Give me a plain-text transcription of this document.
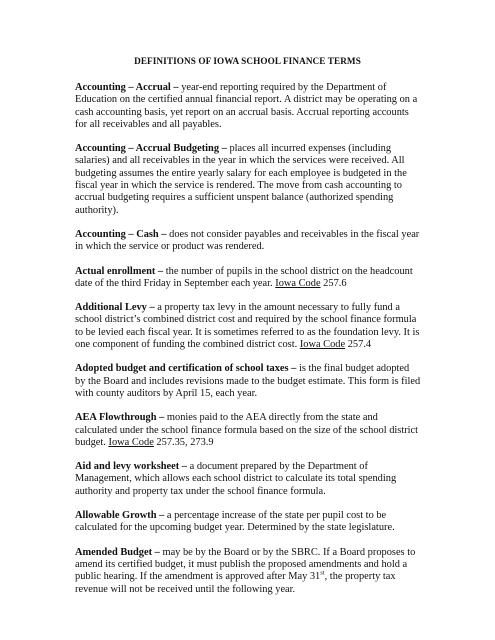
DEFINITIONS OF IOWA SCHOOL FINANCE TERMS

Accounting – Accrual – year-end reporting required by the Department of Education on the certified annual financial report. A district may be operating on a cash accounting basis, yet report on an accrual basis. Accrual reporting accounts for all receivables and all payables.

Accounting – Accrual Budgeting – places all incurred expenses (including salaries) and all receivables in the year in which the services were received. All budgeting assumes the entire yearly salary for each employee is budgeted in the fiscal year in which the service is rendered. The move from cash accounting to accrual budgeting requires a sufficient unspent balance (authorized spending authority).

Accounting – Cash – does not consider payables and receivables in the fiscal year in which the service or product was rendered.

Actual enrollment – the number of pupils in the school district on the headcount date of the third Friday in September each year. Iowa Code 257.6

Additional Levy – a property tax levy in the amount necessary to fully fund a school district’s combined district cost and required by the school finance formula to be levied each fiscal year. It is sometimes referred to as the foundation levy. It is one component of funding the combined district cost. Iowa Code 257.4

Adopted budget and certification of school taxes – is the final budget adopted by the Board and includes revisions made to the budget estimate. This form is filed with county auditors by April 15, each year.

AEA Flowthrough – monies paid to the AEA directly from the state and calculated under the school finance formula based on the size of the school district budget. Iowa Code 257.35, 273.9

Aid and levy worksheet – a document prepared by the Department of Management, which allows each school district to calculate its total spending authority and property tax under the school finance formula.

Allowable Growth – a percentage increase of the state per pupil cost to be calculated for the upcoming budget year. Determined by the state legislature.

Amended Budget – may be by the Board or by the SBRC. If a Board proposes to amend its certified budget, it must publish the proposed amendments and hold a public hearing. If the amendment is approved after May 31st, the property tax revenue will not be received until the following year.
